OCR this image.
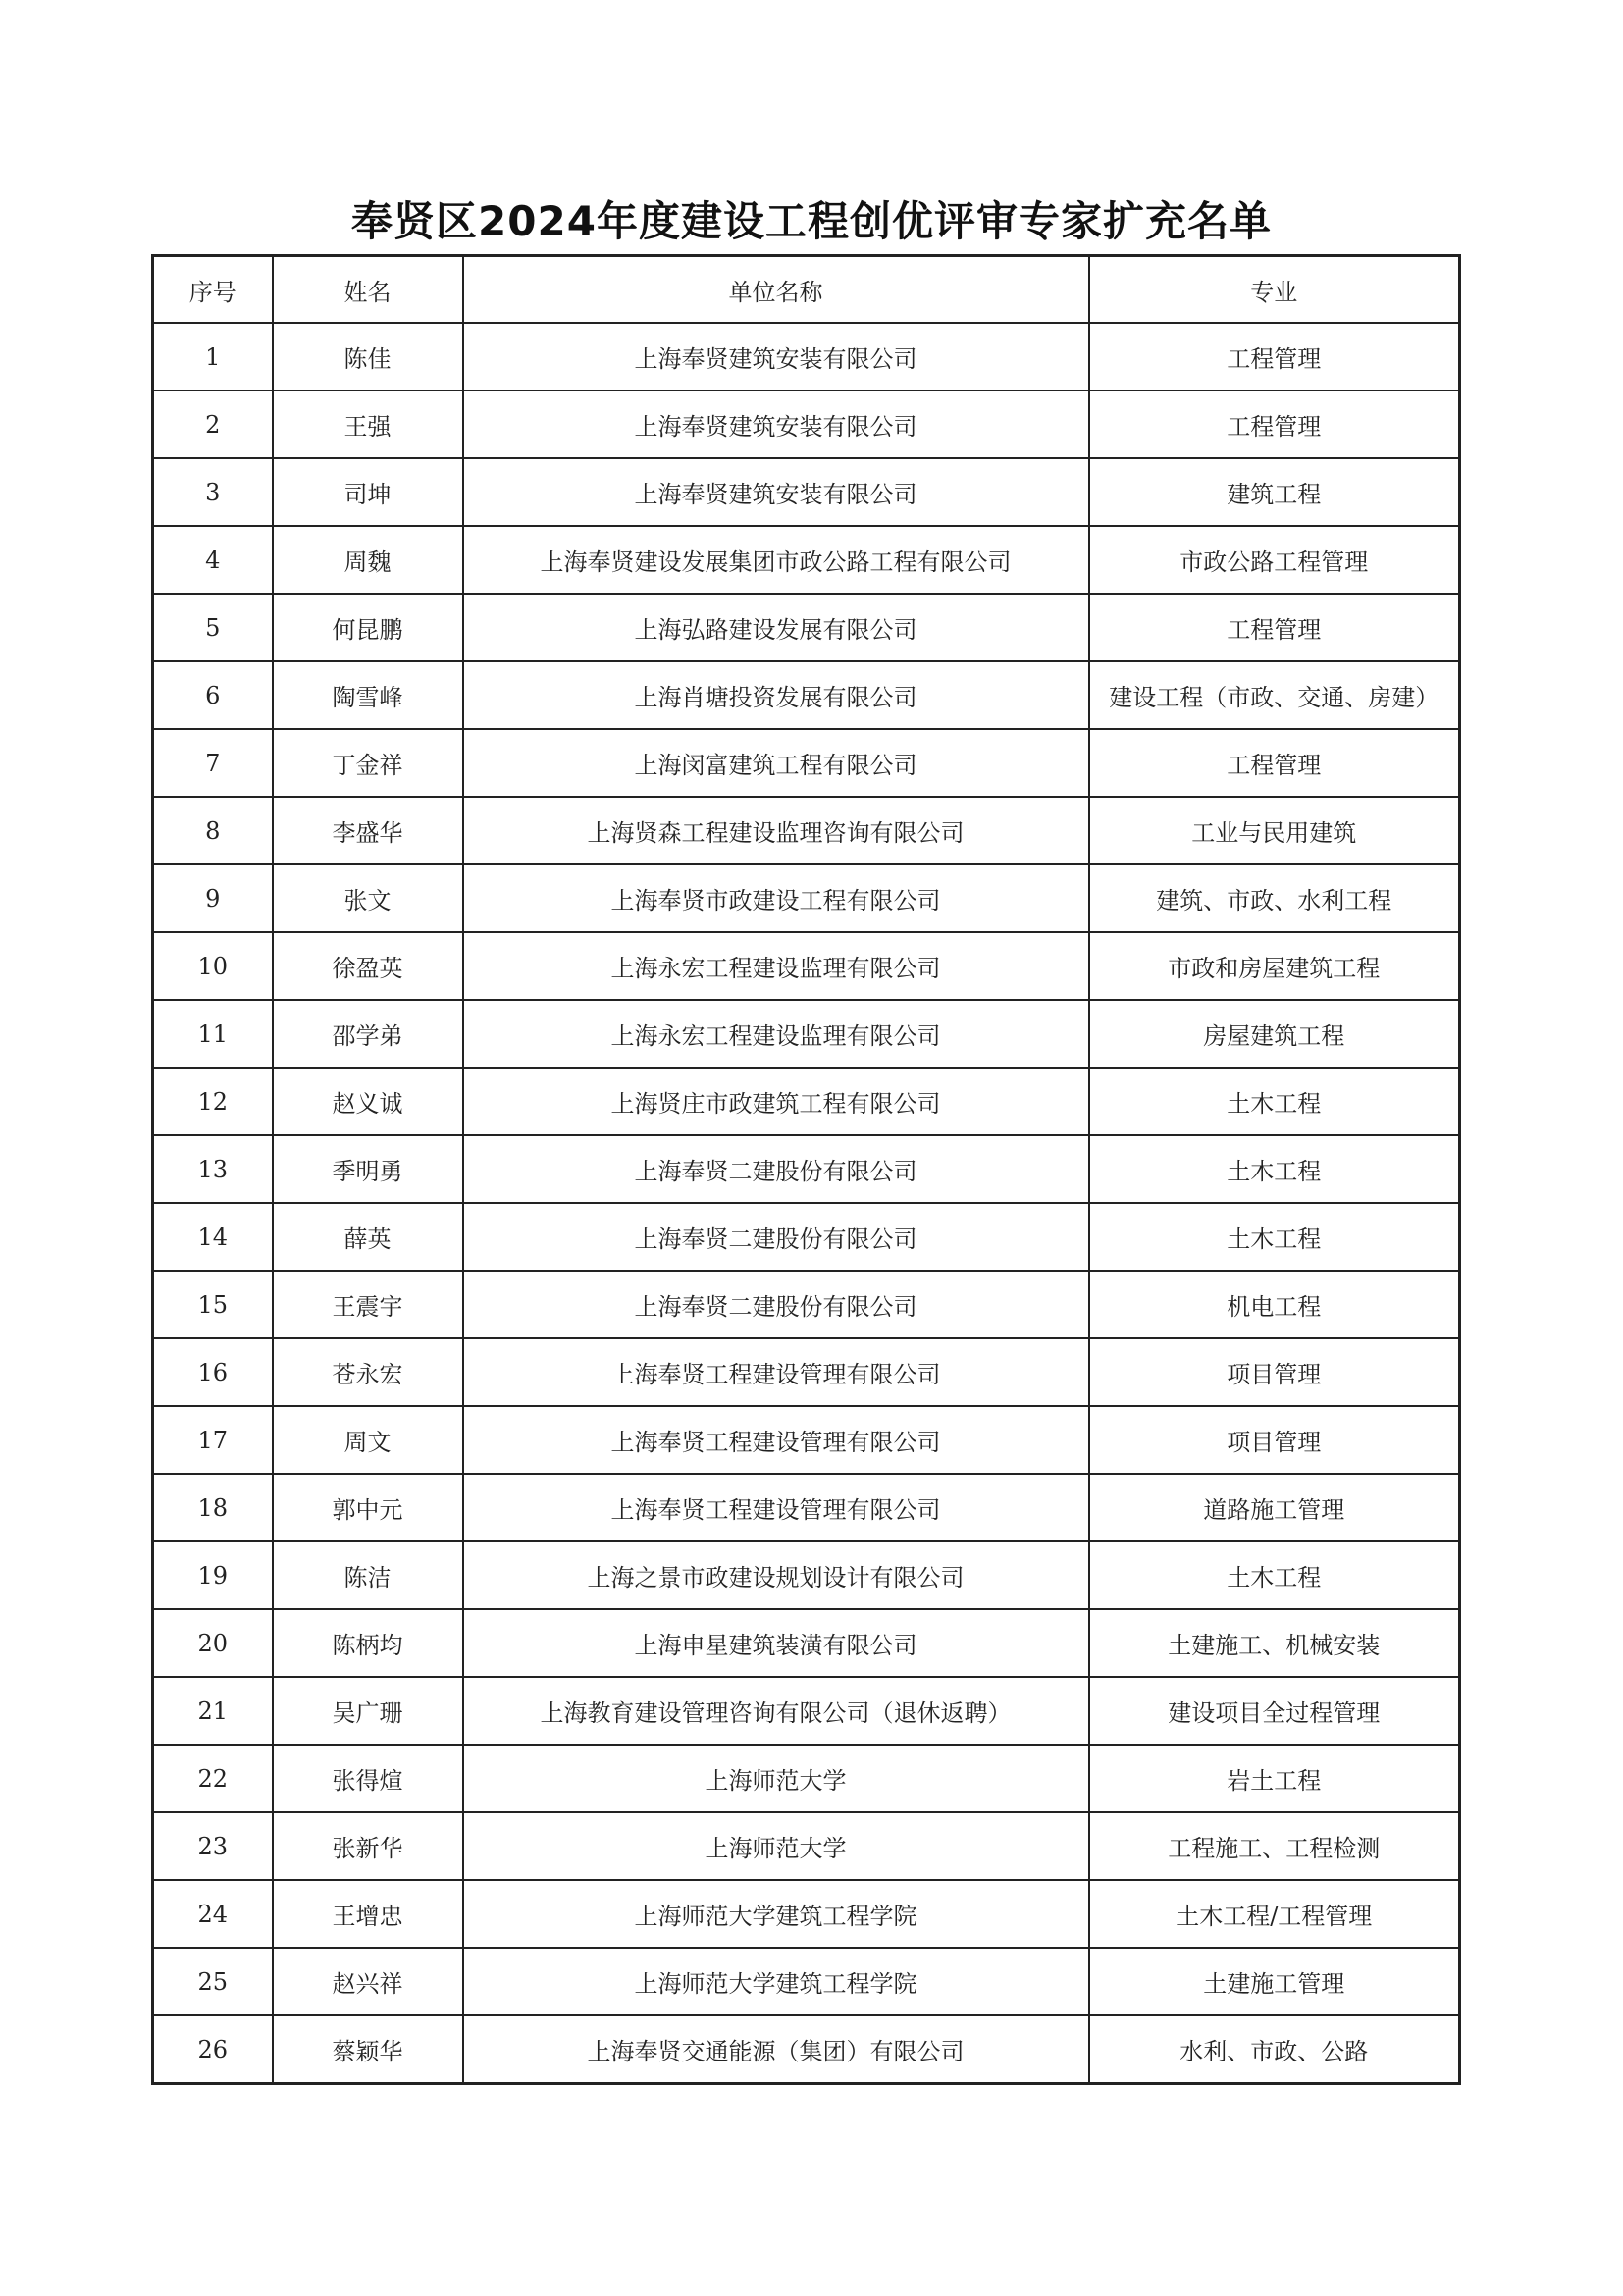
奉贤区2024年度建设工程创优评审专家扩充名单
序号	姓名	单位名称	专业
1	陈佳	上海奉贤建筑安装有限公司	工程管理
2	王强	上海奉贤建筑安装有限公司	工程管理
3	司坤	上海奉贤建筑安装有限公司	建筑工程
4	周魏	上海奉贤建设发展集团市政公路工程有限公司	市政公路工程管理
5	何昆鹏	上海弘路建设发展有限公司	工程管理
6	陶雪峰	上海肖塘投资发展有限公司	建设工程（市政、交通、房建）
7	丁金祥	上海闵富建筑工程有限公司	工程管理
8	李盛华	上海贤森工程建设监理咨询有限公司	工业与民用建筑
9	张文	上海奉贤市政建设工程有限公司	建筑、市政、水利工程
10	徐盈英	上海永宏工程建设监理有限公司	市政和房屋建筑工程
11	邵学弟	上海永宏工程建设监理有限公司	房屋建筑工程
12	赵义诚	上海贤庄市政建筑工程有限公司	土木工程
13	季明勇	上海奉贤二建股份有限公司	土木工程
14	薛英	上海奉贤二建股份有限公司	土木工程
15	王震宇	上海奉贤二建股份有限公司	机电工程
16	苍永宏	上海奉贤工程建设管理有限公司	项目管理
17	周文	上海奉贤工程建设管理有限公司	项目管理
18	郭中元	上海奉贤工程建设管理有限公司	道路施工管理
19	陈洁	上海之景市政建设规划设计有限公司	土木工程
20	陈柄均	上海申星建筑装潢有限公司	土建施工、机械安装
21	吴广珊	上海教育建设管理咨询有限公司（退休返聘）	建设项目全过程管理
22	张得煊	上海师范大学	岩土工程
23	张新华	上海师范大学	工程施工、工程检测
24	王增忠	上海师范大学建筑工程学院	土木工程/工程管理
25	赵兴祥	上海师范大学建筑工程学院	土建施工管理
26	蔡颖华	上海奉贤交通能源（集团）有限公司	水利、市政、公路
